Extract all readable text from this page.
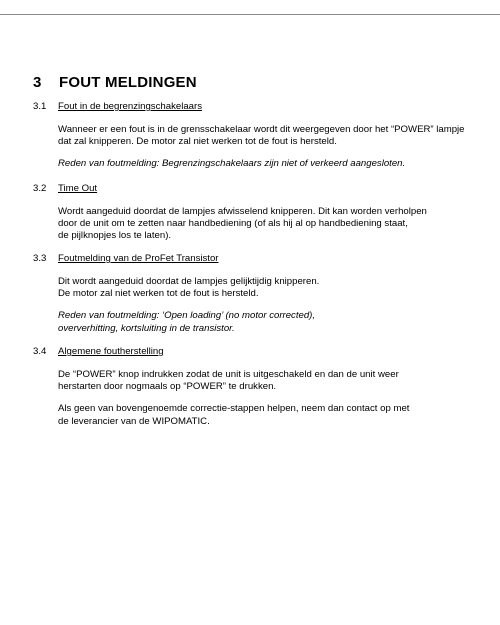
3 FOUT MELDINGEN
3.1 Fout in de begrenzingschakelaars
Wanneer er een fout is in de grensschakelaar wordt dit weergegeven door het “POWER” lampje
dat zal knipperen. De motor zal niet werken tot de fout is hersteld.
Reden van foutmelding: Begrenzingschakelaars zijn niet of verkeerd aangesloten.
3.2 Time Out
Wordt aangeduid doordat de lampjes afwisselend knipperen. Dit kan worden verholpen
door de unit om te zetten naar handbediening (of als hij al op handbediening staat,
de pijlknopjes los te laten).
3.3 Foutmelding van de ProFet Transistor
Dit wordt aangeduid doordat de lampjes gelijktijdig knipperen.
De motor zal niet werken tot de fout is hersteld.
Reden van foutmelding: ‘Open loading’ (no motor corrected),
oververhitting, kortsluiting in de transistor.
3.4 Algemene foutherstelling
De “POWER” knop indrukken zodat de unit is uitgeschakeld en dan de unit weer
herstarten door nogmaals op “POWER” te drukken.
Als geen van bovengenoemde correctie-stappen helpen, neem dan contact op met
de leverancier van de WIPOMATIC.
